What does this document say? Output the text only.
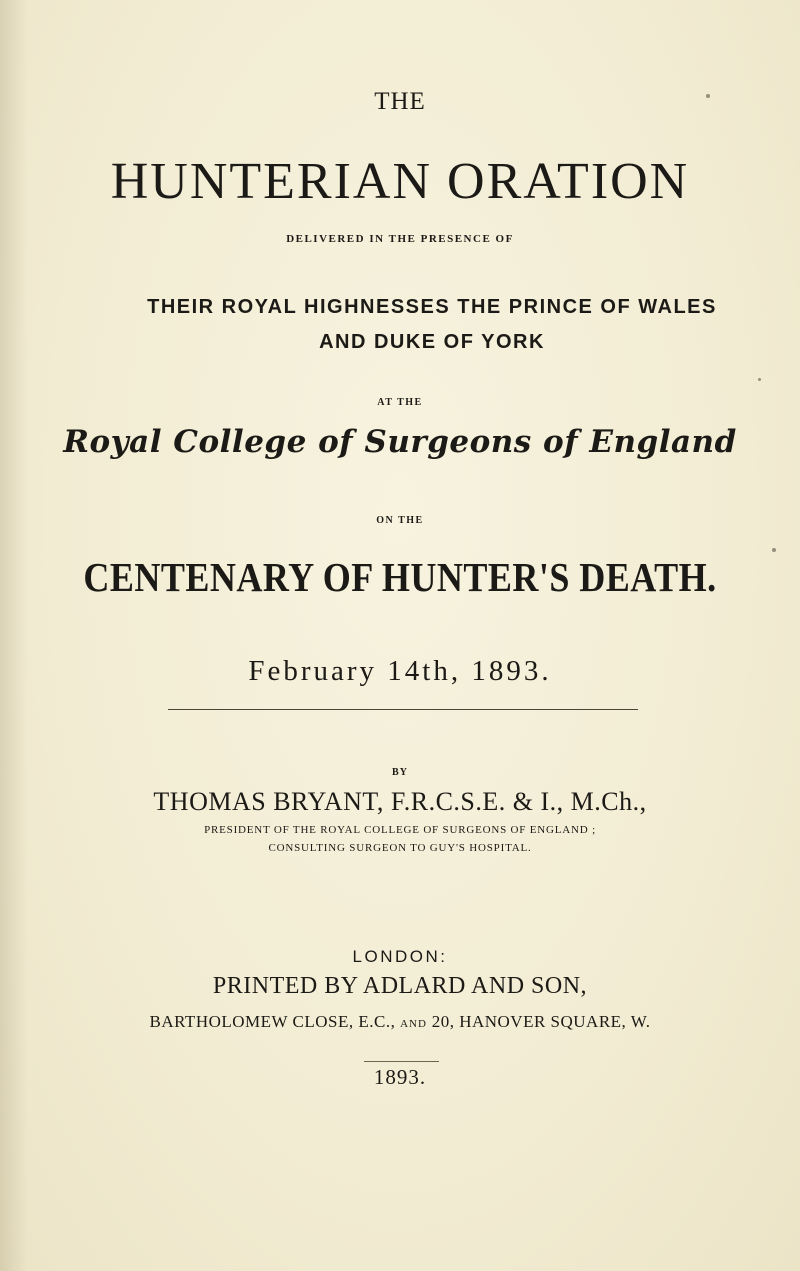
THE
HUNTERIAN ORATION
DELIVERED IN THE PRESENCE OF
THEIR ROYAL HIGHNESSES THE PRINCE OF WALES
AND DUKE OF YORK
AT THE
Royal College of Surgeons of England
ON THE
CENTENARY OF HUNTER'S DEATH.
February 14th, 1893.
BY
THOMAS BRYANT, F.R.C.S.E. & I., M.Ch.,
PRESIDENT OF THE ROYAL COLLEGE OF SURGEONS OF ENGLAND ;
CONSULTING SURGEON TO GUY'S HOSPITAL.
LONDON:
PRINTED BY ADLARD AND SON,
BARTHOLOMEW CLOSE, E.C., AND 20, HANOVER SQUARE, W.
1893.
